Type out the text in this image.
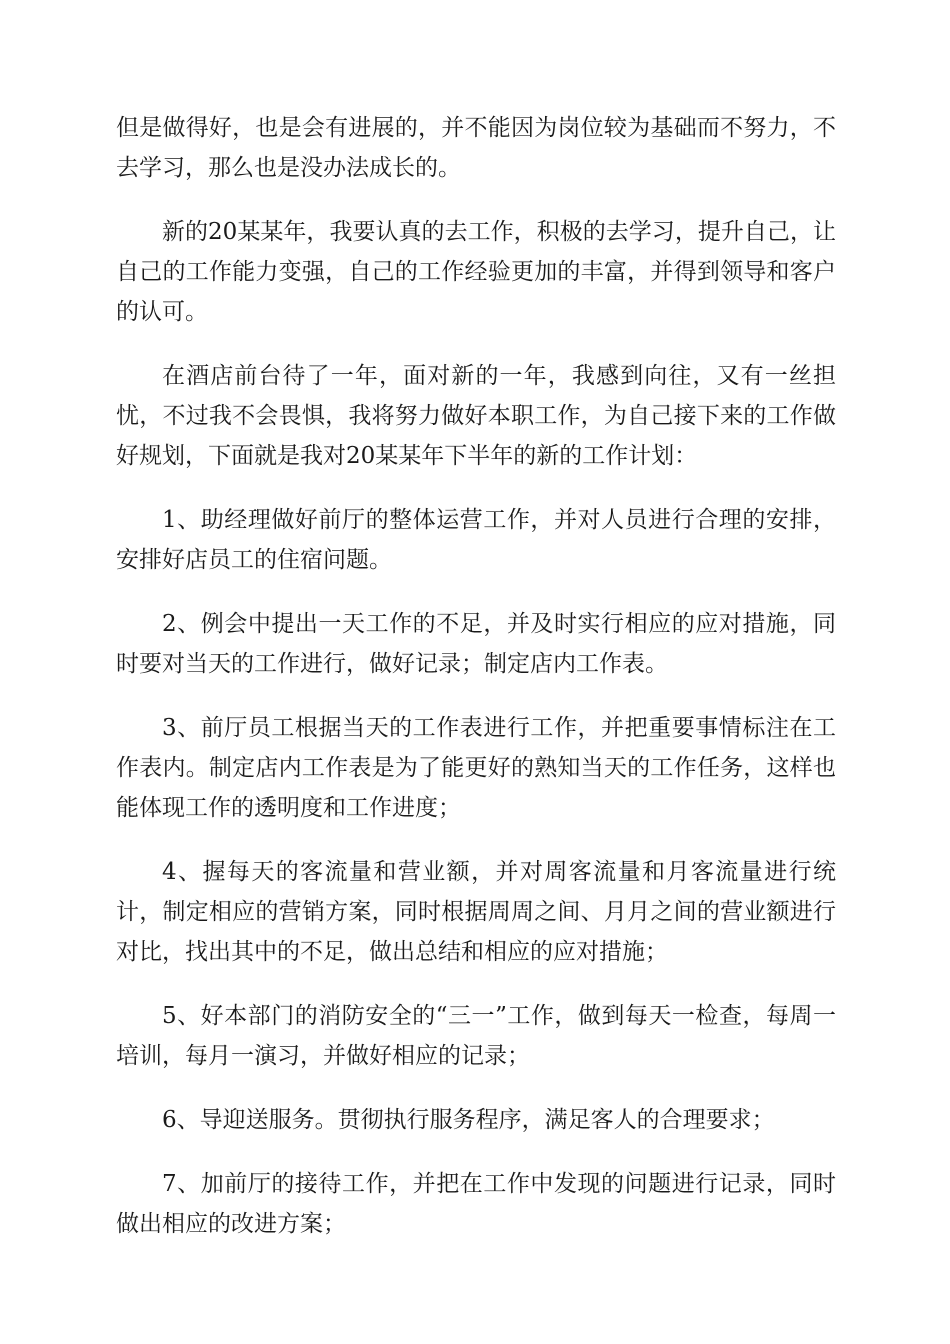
但是做得好，也是会有进展的，并不能因为岗位较为基础而不努力，不去学习，那么也是没办法成长的。

新的20某某年，我要认真的去工作，积极的去学习，提升自己，让自己的工作能力变强，自己的工作经验更加的丰富，并得到领导和客户的认可。

在酒店前台待了一年，面对新的一年，我感到向往，又有一丝担忧，不过我不会畏惧，我将努力做好本职工作，为自己接下来的工作做好规划，下面就是我对20某某年下半年的新的工作计划：

1、助经理做好前厅的整体运营工作，并对人员进行合理的安排，安排好店员工的住宿问题。

2、例会中提出一天工作的不足，并及时实行相应的应对措施，同时要对当天的工作进行，做好记录；制定店内工作表。

3、前厅员工根据当天的工作表进行工作，并把重要事情标注在工作表内。制定店内工作表是为了能更好的熟知当天的工作任务，这样也能体现工作的透明度和工作进度；

4、握每天的客流量和营业额，并对周客流量和月客流量进行统计，制定相应的营销方案，同时根据周周之间、月月之间的营业额进行对比，找出其中的不足，做出总结和相应的应对措施；

5、好本部门的消防安全的“三一”工作，做到每天一检查，每周一培训，每月一演习，并做好相应的记录；

6、导迎送服务。贯彻执行服务程序，满足客人的合理要求；

7、加前厅的接待工作，并把在工作中发现的问题进行记录，同时做出相应的改进方案；
